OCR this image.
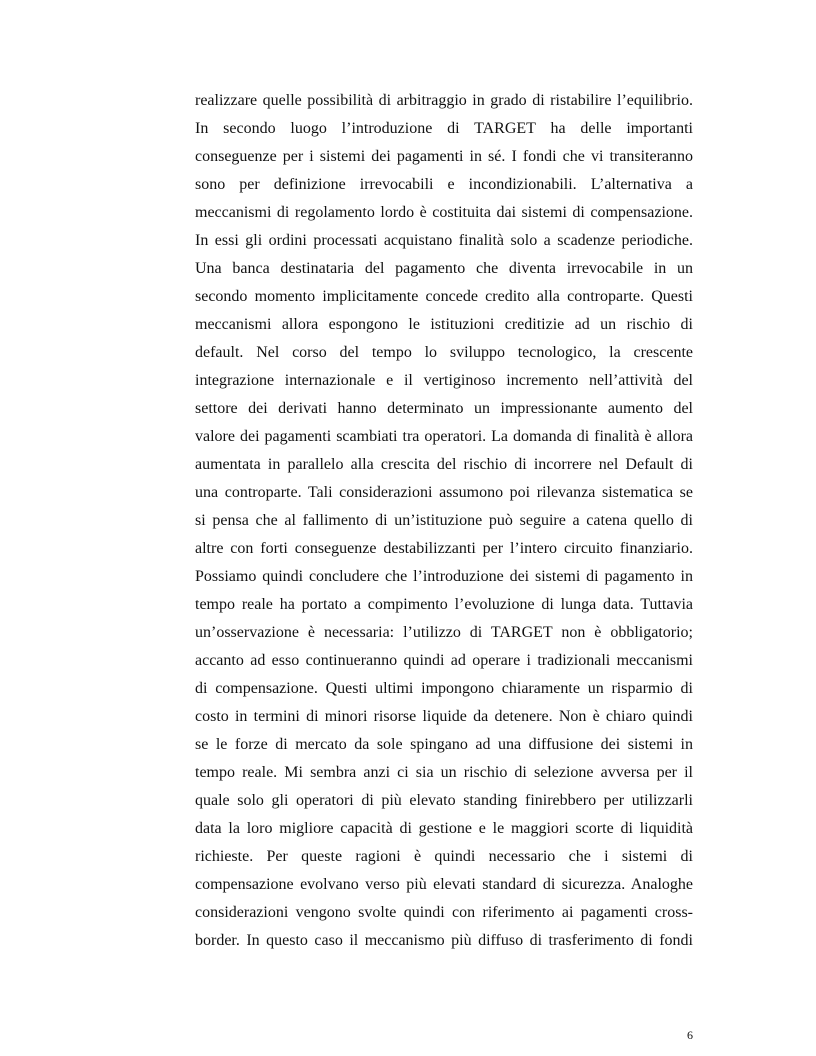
realizzare quelle possibilità di arbitraggio in grado di ristabilire l’equilibrio.
In secondo luogo l’introduzione di TARGET ha delle importanti
conseguenze per i sistemi dei pagamenti in sé. I fondi che vi transiteranno
sono per definizione irrevocabili e incondizionabili. L’alternativa a
meccanismi di regolamento lordo è costituita dai sistemi di compensazione.
In essi gli ordini processati acquistano finalità solo a scadenze periodiche.
Una banca destinataria del pagamento che diventa irrevocabile in un
secondo momento implicitamente concede credito alla controparte. Questi
meccanismi allora espongono le istituzioni creditizie ad un rischio di
default. Nel corso del tempo lo sviluppo tecnologico, la crescente
integrazione internazionale e il vertiginoso incremento nell’attività del
settore dei derivati hanno determinato un impressionante aumento del
valore dei pagamenti scambiati tra operatori. La domanda di finalità è allora
aumentata in parallelo alla crescita del rischio di incorrere nel Default di
una controparte. Tali considerazioni assumono poi rilevanza sistematica se
si pensa che al fallimento di un’istituzione può seguire a catena quello di
altre con forti conseguenze destabilizzanti per l’intero circuito finanziario.
Possiamo quindi concludere che l’introduzione dei sistemi di pagamento in
tempo reale ha portato a compimento l’evoluzione di lunga data. Tuttavia
un’osservazione è necessaria: l’utilizzo di TARGET non è obbligatorio;
accanto ad esso continueranno quindi ad operare i tradizionali meccanismi
di compensazione. Questi ultimi impongono chiaramente un risparmio di
costo in termini di minori risorse liquide da detenere. Non è chiaro quindi
se le forze di mercato da sole spingano ad una diffusione dei sistemi in
tempo reale. Mi sembra anzi ci sia un rischio di selezione avversa per il
quale solo gli operatori di più elevato standing finirebbero per utilizzarli
data la loro migliore capacità di gestione e le maggiori scorte di liquidità
richieste. Per queste ragioni è quindi necessario che i sistemi di
compensazione evolvano verso più elevati standard di sicurezza. Analoghe
considerazioni vengono svolte quindi con riferimento ai pagamenti cross-
border. In questo caso il meccanismo più diffuso di trasferimento di fondi
6
